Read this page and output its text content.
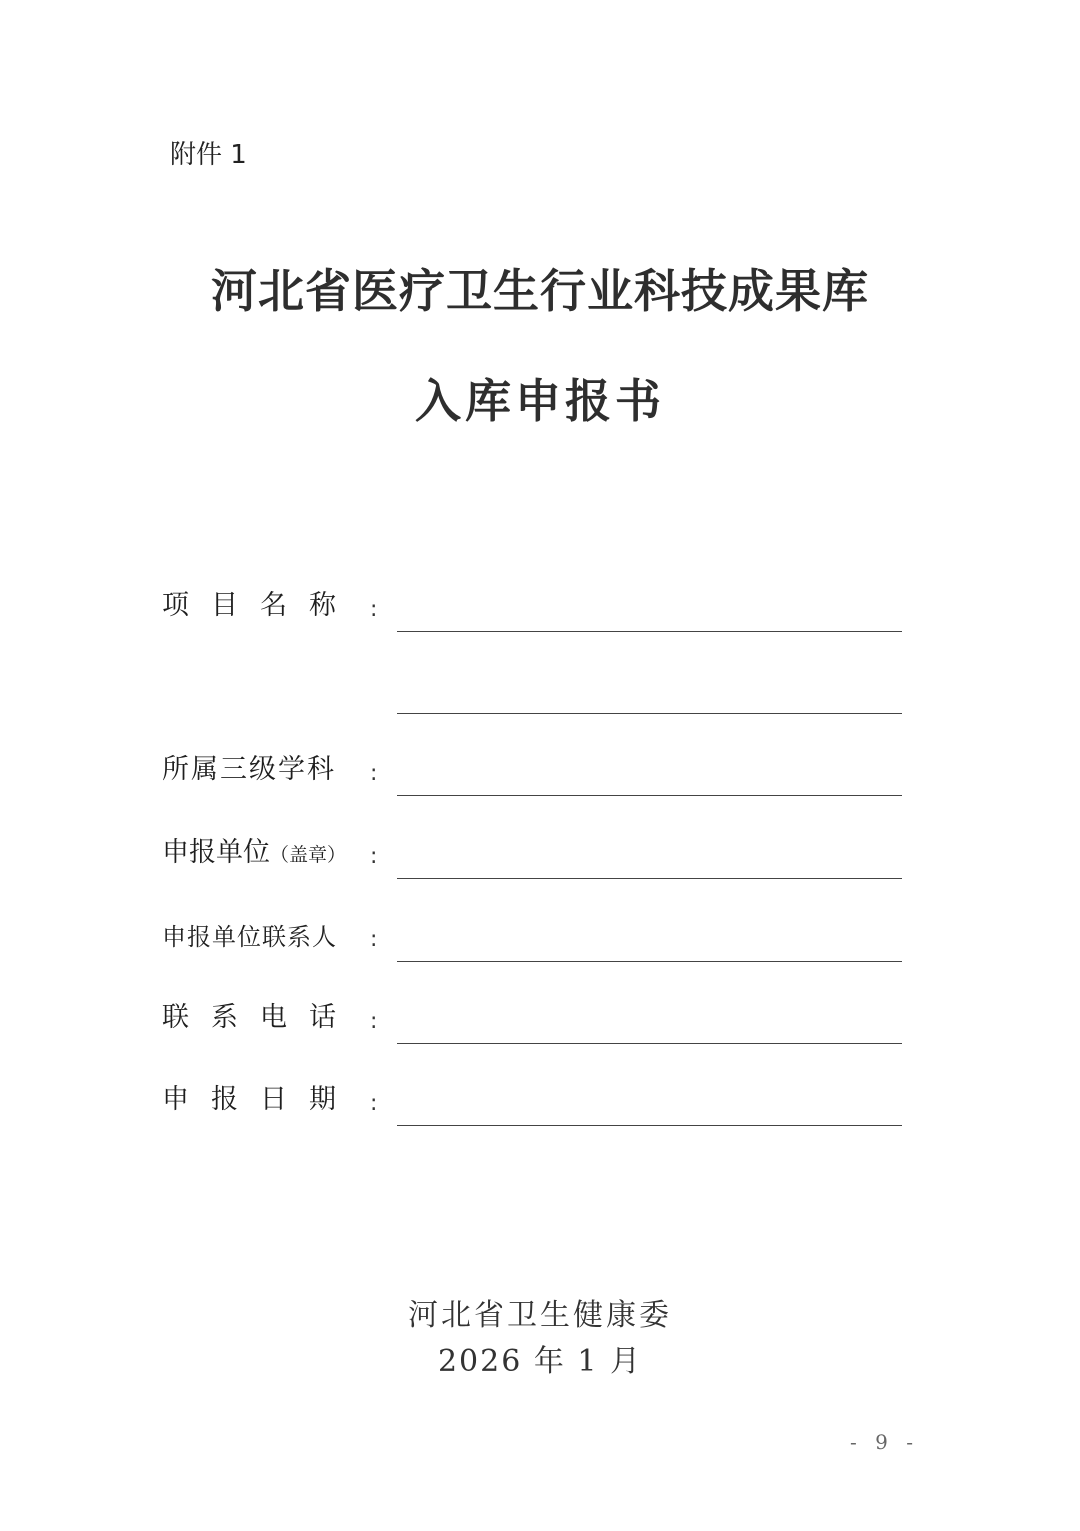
附件 1
河北省医疗卫生行业科技成果库
入库申报书
项目名称 :
所属三级学科 :
申报单位（盖章） :
申报单位联系人 :
联系电话 :
申报日期 :
河北省卫生健康委
2026 年 1 月
- 9 -
